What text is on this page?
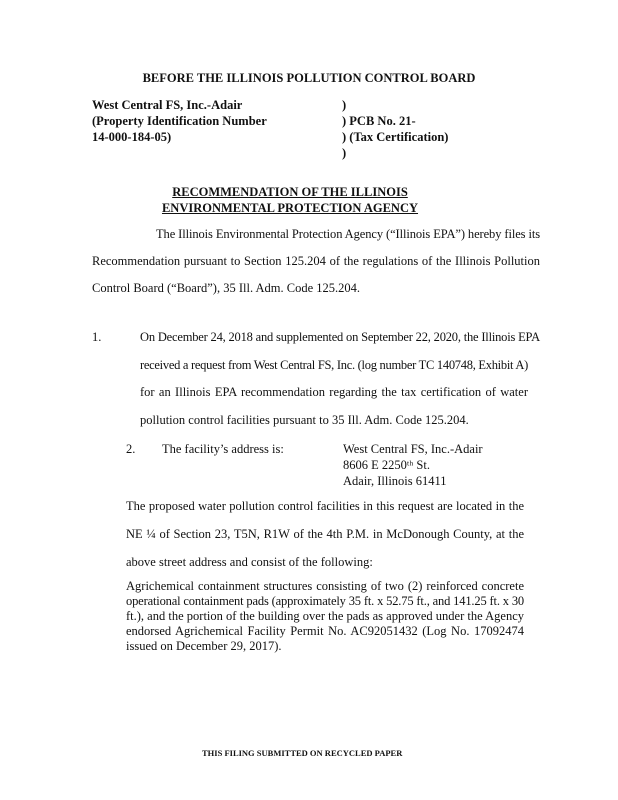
BEFORE THE ILLINOIS POLLUTION CONTROL BOARD
West Central FS, Inc.-Adair
(Property Identification Number
14-000-184-05)
)
) PCB No. 21-
) (Tax Certification)
)
RECOMMENDATION OF THE ILLINOIS
ENVIRONMENTAL PROTECTION AGENCY
The Illinois Environmental Protection Agency (“Illinois EPA”) hereby files its
Recommendation pursuant to Section 125.204 of the regulations of the Illinois Pollution
Control Board (“Board”), 35 Ill. Adm. Code 125.204.
1.	On December 24, 2018 and supplemented on September 22, 2020, the Illinois EPA
received a request from West Central FS, Inc. (log number TC 140748, Exhibit A)
for an Illinois EPA recommendation regarding the tax certification of water
pollution control facilities pursuant to 35 Ill. Adm. Code 125.204.
2. The facility’s address is:	West Central FS, Inc.-Adair
8606 E 2250ᵗʰ St.
Adair, Illinois 61411
The proposed water pollution control facilities in this request are located in the
NE ¼ of Section 23, T5N, R1W of the 4th P.M. in McDonough County, at the
above street address and consist of the following:
Agrichemical containment structures consisting of two (2) reinforced concrete
operational containment pads (approximately 35 ft. x 52.75 ft., and 141.25 ft. x 30
ft.), and the portion of the building over the pads as approved under the Agency
endorsed Agrichemical Facility Permit No. AC92051432 (Log No. 17092474
issued on December 29, 2017).
THIS FILING SUBMITTED ON RECYCLED PAPER
